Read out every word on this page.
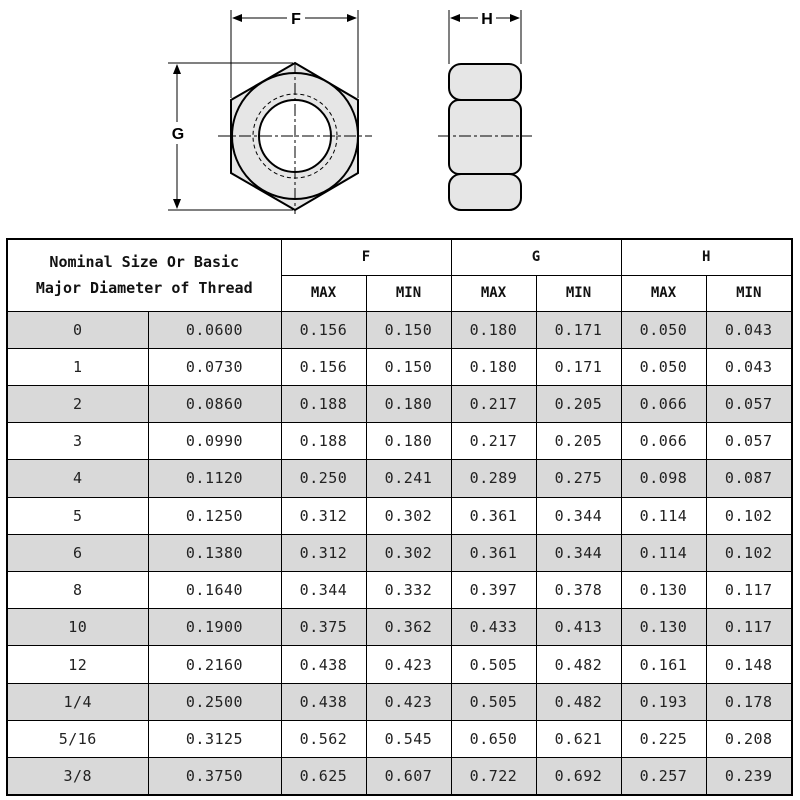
F
G
H
Nominal Size Or Basic
Major Diameter of Thread		F		G		H	
		MAX	MIN	MAX	MIN	MAX	MIN
0	0.0600	0.156	0.150	0.180	0.171	0.050	0.043
1	0.0730	0.156	0.150	0.180	0.171	0.050	0.043
2	0.0860	0.188	0.180	0.217	0.205	0.066	0.057
3	0.0990	0.188	0.180	0.217	0.205	0.066	0.057
4	0.1120	0.250	0.241	0.289	0.275	0.098	0.087
5	0.1250	0.312	0.302	0.361	0.344	0.114	0.102
6	0.1380	0.312	0.302	0.361	0.344	0.114	0.102
8	0.1640	0.344	0.332	0.397	0.378	0.130	0.117
10	0.1900	0.375	0.362	0.433	0.413	0.130	0.117
12	0.2160	0.438	0.423	0.505	0.482	0.161	0.148
1/4	0.2500	0.438	0.423	0.505	0.482	0.193	0.178
5/16	0.3125	0.562	0.545	0.650	0.621	0.225	0.208
3/8	0.3750	0.625	0.607	0.722	0.692	0.257	0.239
